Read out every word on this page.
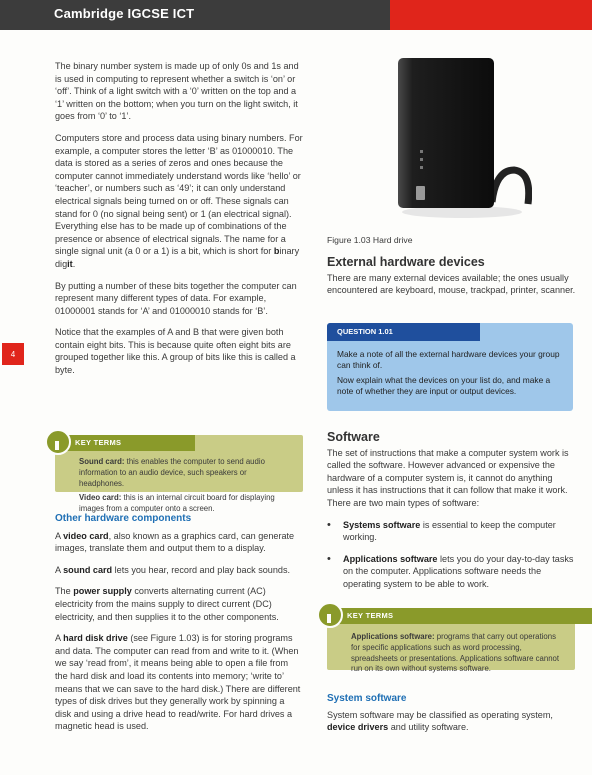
Cambridge IGCSE ICT
4

The binary number system is made up of only 0s and 1s and is used in computing to represent whether a switch is ‘on’ or ‘off’. Think of a light switch with a ‘0’ written on the top and a ‘1’ written on the bottom; when you turn on the light switch, it goes from ‘0’ to ‘1’.

Computers store and process data using binary numbers. For example, a computer stores the letter ‘B’ as 01000010. The data is stored as a series of zeros and ones because the computer cannot immediately understand words like ‘hello’ or ‘teacher’, or numbers such as ‘49’; it can only understand electrical signals being turned on or off. These signals can stand for 0 (no signal being sent) or 1 (an electrical signal). Everything else has to be made up of combinations of the presence or absence of electrical signals. The name for a single signal unit (a 0 or a 1) is a bit, which is short for binary digit.

By putting a number of these bits together the computer can represent many different types of data. For example, 01000001 stands for ‘A’ and 01000010 stands for ‘B’.

Notice that the examples of A and B that were given both contain eight bits. This is because quite often eight bits are grouped together like this. A group of bits like this is called a byte.

KEY TERMS

Sound card: this enables the computer to send audio information to an audio device, such speakers or headphones.

Video card: this is an internal circuit board for displaying images from a computer onto a screen.

Other hardware components

A video card, also known as a graphics card, can generate images, translate them and output them to a display.

A sound card lets you hear, record and play back sounds.

The power supply converts alternating current (AC) electricity from the mains supply to direct current (DC) electricity, and then supplies it to the other components.

A hard disk drive (see Figure 1.03) is for storing programs and data. The computer can read from and write to it. (When we say ‘read from’, it means being able to open a file from the hard disk and load its contents into memory; ‘write to’ means that we can save to the hard disk.) There are different types of disk drives but they generally work by spinning a disk and using a drive head to read/write. For hard drives a magnetic head is used.

Figure 1.03 Hard drive
External hardware devices

There are many external devices available; the ones usually encountered are keyboard, mouse, trackpad, printer, scanner.

QUESTION 1.01

Make a note of all the external hardware devices your group can think of.

Now explain what the devices on your list do, and make a note of whether they are input or output devices.

Software

The set of instructions that make a computer system work is called the software. However advanced or expensive the hardware of a computer system is, it cannot do anything unless it has instructions that it can follow that make it work. There are two main types of software:

• Systems software is essential to keep the computer working.
• Applications software lets you do your day-to-day tasks on the computer. Applications software needs the operating system to be able to work.
KEY TERMS

Applications software: programs that carry out operations for specific applications such as word processing, spreadsheets or presentations. Applications software cannot run on its own without systems software.

System software

System software may be classified as operating system, device drivers and utility software.
